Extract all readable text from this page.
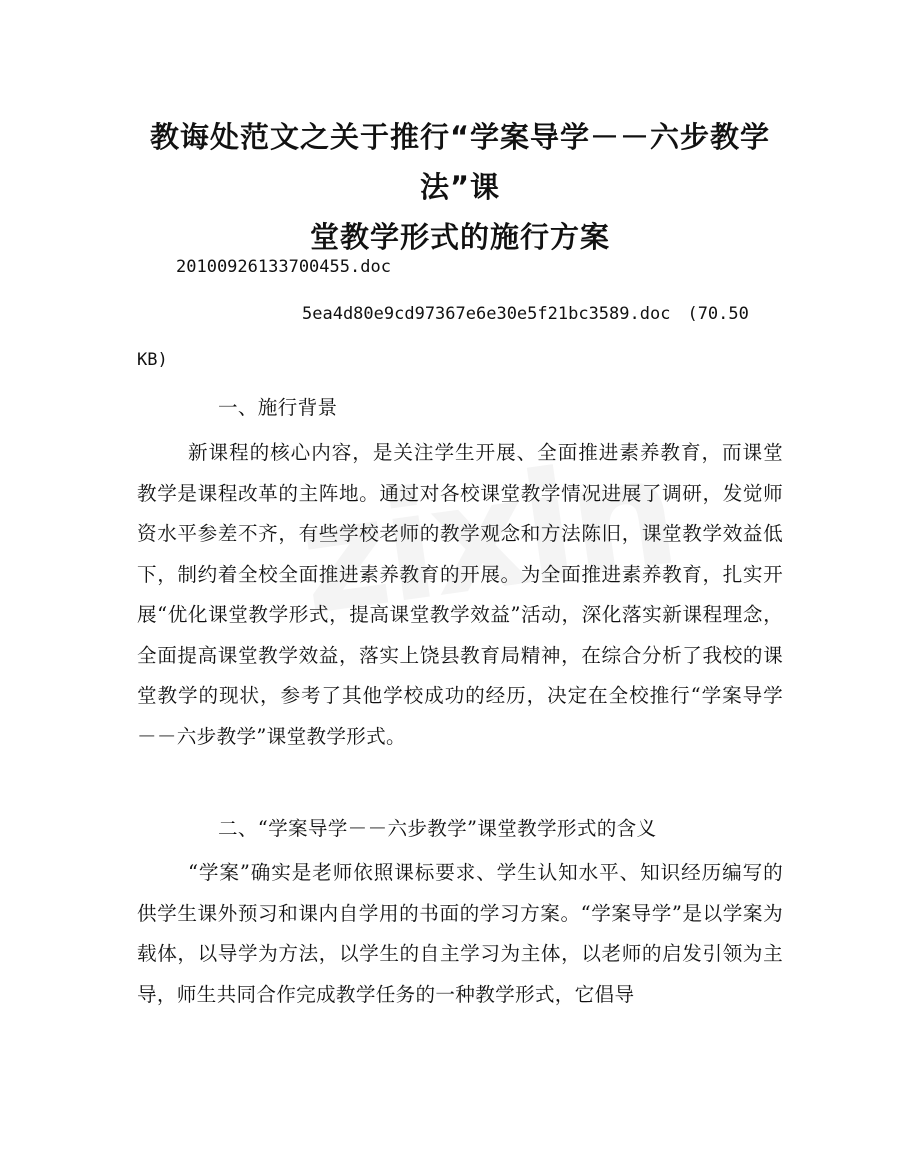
教诲处范文之关于推行“学案导学－－六步教学法”课
堂教学形式的施行方案
20100926133700455.doc
5ea4d80e9cd97367e6e30e5f21bc3589.doc　(70.50
KB)
一、施行背景
新课程的核心内容，是关注学生开展、全面推进素养教育，而课堂教学是课程改革的主阵地。通过对各校课堂教学情况进展了调研，发觉师资水平参差不齐，有些学校老师的教学观念和方法陈旧，课堂教学效益低下，制约着全校全面推进素养教育的开展。为全面推进素养教育，扎实开展“优化课堂教学形式，提高课堂教学效益”活动，深化落实新课程理念，全面提高课堂教学效益，落实上饶县教育局精神，在综合分析了我校的课堂教学的现状，参考了其他学校成功的经历，决定在全校推行“学案导学－－六步教学”课堂教学形式。
二、“学案导学－－六步教学”课堂教学形式的含义
“学案”确实是老师依照课标要求、学生认知水平、知识经历编写的供学生课外预习和课内自学用的书面的学习方案。“学案导学”是以学案为载体，以导学为方法，以学生的自主学习为主体，以老师的启发引领为主导，师生共同合作完成教学任务的一种教学形式，它倡导
